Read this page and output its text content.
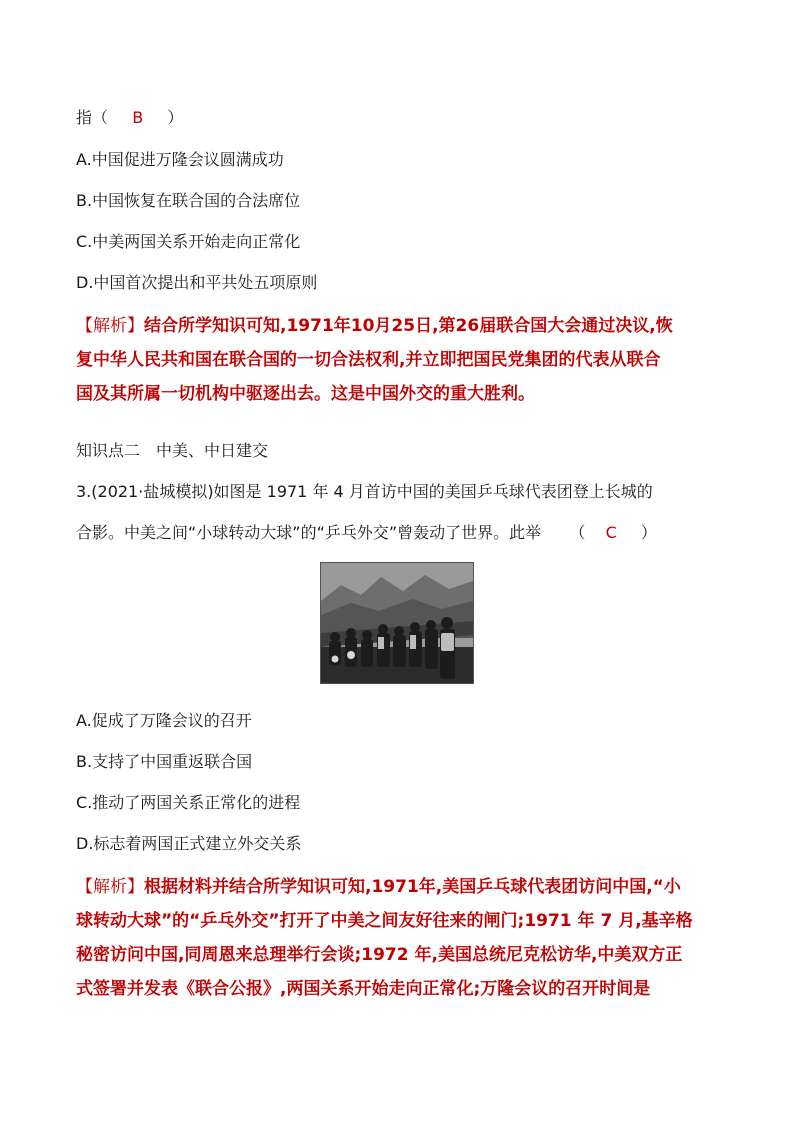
指（ B ）
A.中国促进万隆会议圆满成功
B.中国恢复在联合国的合法席位
C.中美两国关系开始走向正常化
D.中国首次提出和平共处五项原则
【解析】结合所学知识可知,1971年10月25日,第26届联合国大会通过决议,恢
复中华人民共和国在联合国的一切合法权利,并立即把国民党集团的代表从联合
国及其所属一切机构中驱逐出去。这是中国外交的重大胜利。
知识点二　中美、中日建交
3.(2021·盐城模拟)如图是 1971 年 4 月首访中国的美国乒乓球代表团登上长城的
合影。中美之间“小球转动大球”的“乒乓外交”曾轰动了世界。此举 （ C ）
A.促成了万隆会议的召开
B.支持了中国重返联合国
C.推动了两国关系正常化的进程
D.标志着两国正式建立外交关系
【解析】根据材料并结合所学知识可知,1971年,美国乒乓球代表团访问中国,“小
球转动大球”的“乒乓外交”打开了中美之间友好往来的闸门;1971 年 7 月,基辛格
秘密访问中国,同周恩来总理举行会谈;1972 年,美国总统尼克松访华,中美双方正
式签署并发表《联合公报》,两国关系开始走向正常化;万隆会议的召开时间是
